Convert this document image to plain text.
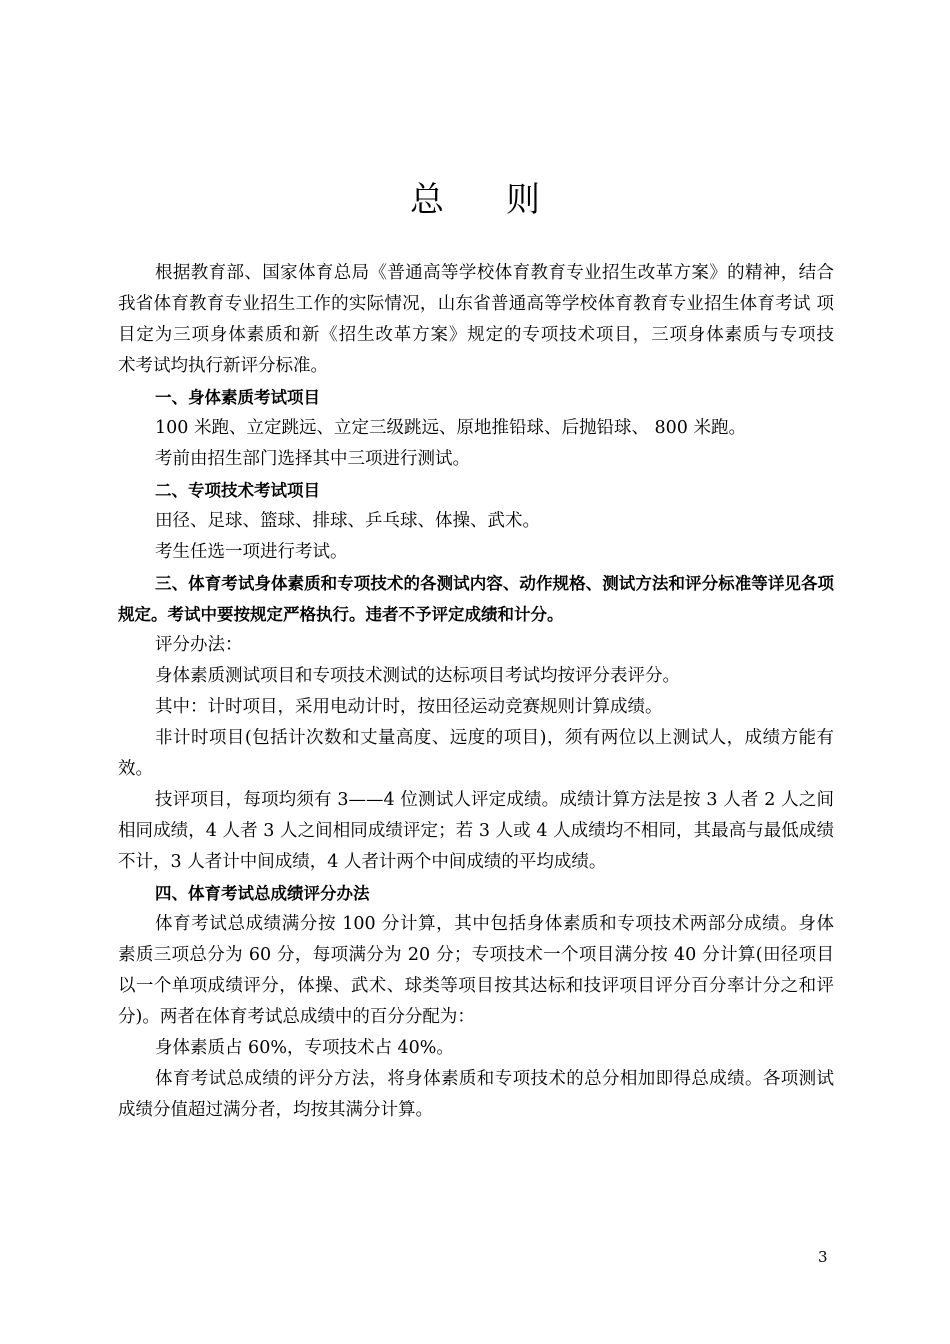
总 则

根据教育部、国家体育总局《普通高等学校体育教育专业招生改革方案》的精神，结合　我省体育教育专业招生工作的实际情况，山东省普通高等学校体育教育专业招生体育考试 项目定为三项身体素质和新《招生改革方案》规定的专项技术项目，三项身体素质与专项技　术考试均执行新评分标准。

一、身体素质考试项目

100 米跑、立定跳远、立定三级跳远、原地推铅球、后抛铅球、 800 米跑。

考前由招生部门选择其中三项进行测试。

二、专项技术考试项目

田径、足球、篮球、排球、乒乓球、体操、武术。

考生任选一项进行考试。

三、体育考试身体素质和专项技术的各测试内容、动作规格、测试方法和评分标准等详见各项规定。考试中要按规定严格执行。违者不予评定成绩和计分。

评分办法：

身体素质测试项目和专项技术测试的达标项目考试均按评分表评分。

其中：计时项目，采用电动计时，按田径运动竞赛规则计算成绩。

非计时项目(包括计次数和丈量高度、远度的项目)，须有两位以上测试人，成绩方能有效。

技评项目，每项均须有 3——4 位测试人评定成绩。成绩计算方法是按 3 人者 2 人之间相同成绩，4 人者 3 人之间相同成绩评定；若 3 人或 4 人成绩均不相同，其最高与最低成绩不计，3 人者计中间成绩，4 人者计两个中间成绩的平均成绩。

四、体育考试总成绩评分办法

体育考试总成绩满分按 100 分计算，其中包括身体素质和专项技术两部分成绩。身体　素质三项总分为 60 分，每项满分为 20 分；专项技术一个项目满分按 40 分计算(田径项目以一个单项成绩评分，体操、武术、球类等项目按其达标和技评项目评分百分率计分之和评　分)。两者在体育考试总成绩中的百分分配为：

身体素质占 60%，专项技术占 40%。

体育考试总成绩的评分方法，将身体素质和专项技术的总分相加即得总成绩。各项测试成绩分值超过满分者，均按其满分计算。

3
